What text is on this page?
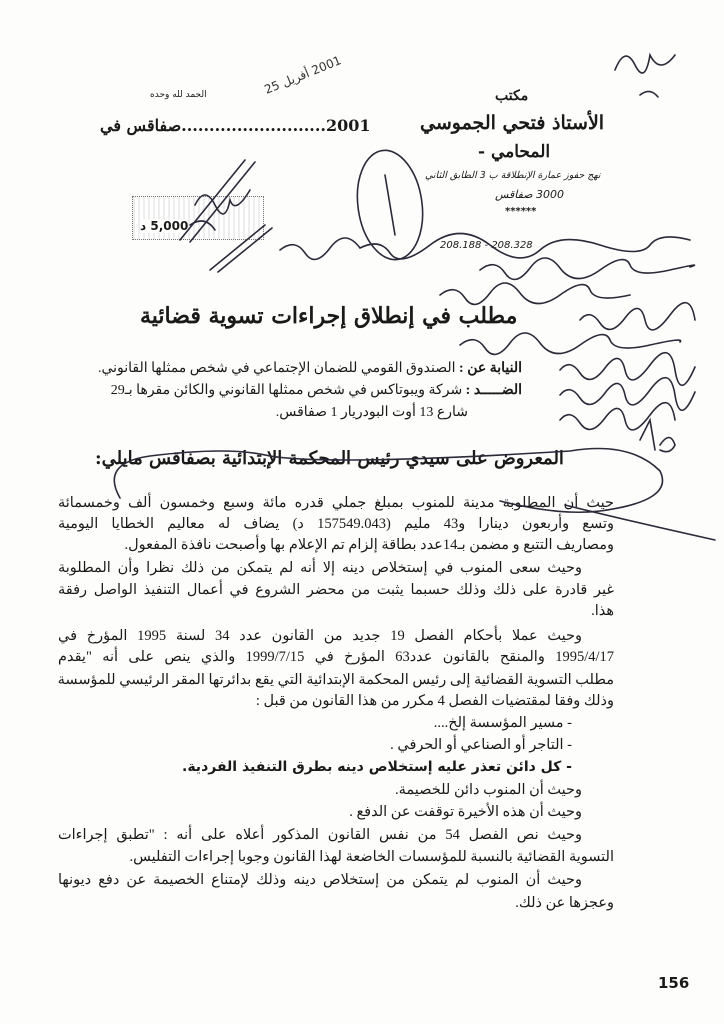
مكتب
الأستاذ فتحي الجموسي
المحامي -
نهج حفوز عمارة الإنطلاقة ب 3 الطابق الثاني
3000 صفاقس
******
208.188 - 208.328
الحمد لله وحده
2001..........................صفاقس في
2001 أفريل 25
5,000 د
مطلب في إنطلاق إجراءات تسوية قضائية
النيابة عن : الصندوق القومي للضمان الإجتماعي في شخص ممثلها القانوني.
الضـــــد : شركة ويبوتاكس في شخص ممثلها القانوني والكائن مقرها بـ29
شارع 13 أوت البودريار 1 صفاقس.
المعروض على سيدي رئيس المحكمة الإبتدائية بصفاقس مايلي:
حيث أن المطلوبة مدينة للمنوب بمبلغ جملي قدره مائة وسبع وخمسون ألف وخمسمائة
وتسع وأربعون دينارا و43 مليم (157549.043 د) يضاف له معاليم الخطايا اليومية
ومصاريف التتبع و مضمن بـ14عدد بطاقة إلزام تم الإعلام بها وأصبحت نافذة المفعول.
وحيث سعى المنوب في إستخلاص دينه إلا أنه لم يتمكن من ذلك نظرا وأن المطلوبة
غير قادرة على ذلك وذلك حسبما يثبت من محضر الشروع في أعمال التنفيذ الواصل رفقة
هذا.
وحيث عملا بأحكام الفصل 19 جديد من القانون عدد 34 لسنة 1995 المؤرخ في
1995/4/17 والمنقح بالقانون عدد63 المؤرخ في 1999/7/15 والذي ينص على أنه "يقدم
مطلب التسوية القضائية إلى رئيس المحكمة الإبتدائية التي يقع بدائرتها المقر الرئيسي للمؤسسة
وذلك وفقا لمقتضيات الفصل 4 مكرر من هذا القانون من قبل :
- مسير المؤسسة إلخ....
- التاجر أو الصناعي أو الحرفي .
- كل دائن تعذر عليه إستخلاص دينه بطرق التنفيذ الفردية.
وحيث أن المنوب دائن للخصيمة.
وحيث أن هذه الأخيرة توقفت عن الدفع .
وحيث نص الفصل 54 من نفس القانون المذكور أعلاه على أنه : "تطبق إجراءات
التسوية القضائية بالنسبة للمؤسسات الخاضعة لهذا القانون وجوبا إجراءات التفليس.
وحيث أن المنوب لم يتمكن من إستخلاص دينه وذلك لإمتناع الخصيمة عن دفع ديونها
وعجزها عن ذلك.
156
